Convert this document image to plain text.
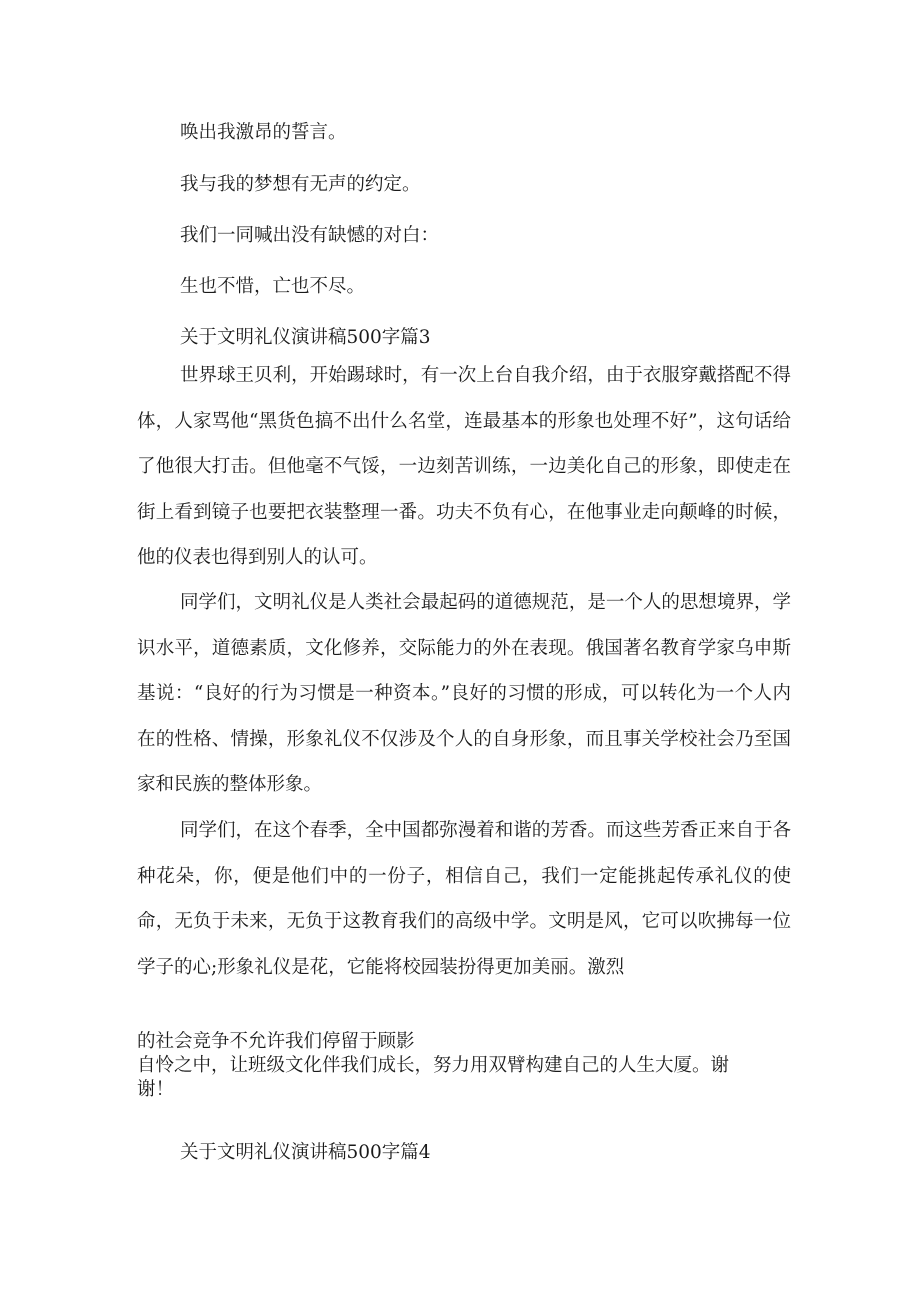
唤出我激昂的誓言。
我与我的梦想有无声的约定。
我们一同喊出没有缺憾的对白：
生也不惜，亡也不尽。
关于文明礼仪演讲稿500字篇3

世界球王贝利，开始踢球时，有一次上台自我介绍，由于衣服穿戴搭配不得体，人家骂他“黑货色搞不出什么名堂，连最基本的形象也处理不好”，这句话给了他很大打击。但他毫不气馁，一边刻苦训练，一边美化自己的形象，即使走在街上看到镜子也要把衣装整理一番。功夫不负有心，在他事业走向颠峰的时候，他的仪表也得到别人的认可。

同学们，文明礼仪是人类社会最起码的道德规范，是一个人的思想境界，学识水平，道德素质，文化修养，交际能力的外在表现。俄国著名教育学家乌申斯基说：“良好的行为习惯是一种资本。”良好的习惯的形成，可以转化为一个人内在的性格、情操，形象礼仪不仅涉及个人的自身形象，而且事关学校社会乃至国家和民族的整体形象。

同学们，在这个春季，全中国都弥漫着和谐的芳香。而这些芳香正来自于各种花朵，你，便是他们中的一份子，相信自己，我们一定能挑起传承礼仪的使命，无负于未来，无负于这教育我们的高级中学。文明是风，它可以吹拂每一位学子的心;形象礼仪是花，它能将校园装扮得更加美丽。激烈

的社会竞争不允许我们停留于顾影
自怜之中，让班级文化伴我们成长，努力用双臂构建自己的人生大厦。谢
谢！
关于文明礼仪演讲稿500字篇4
